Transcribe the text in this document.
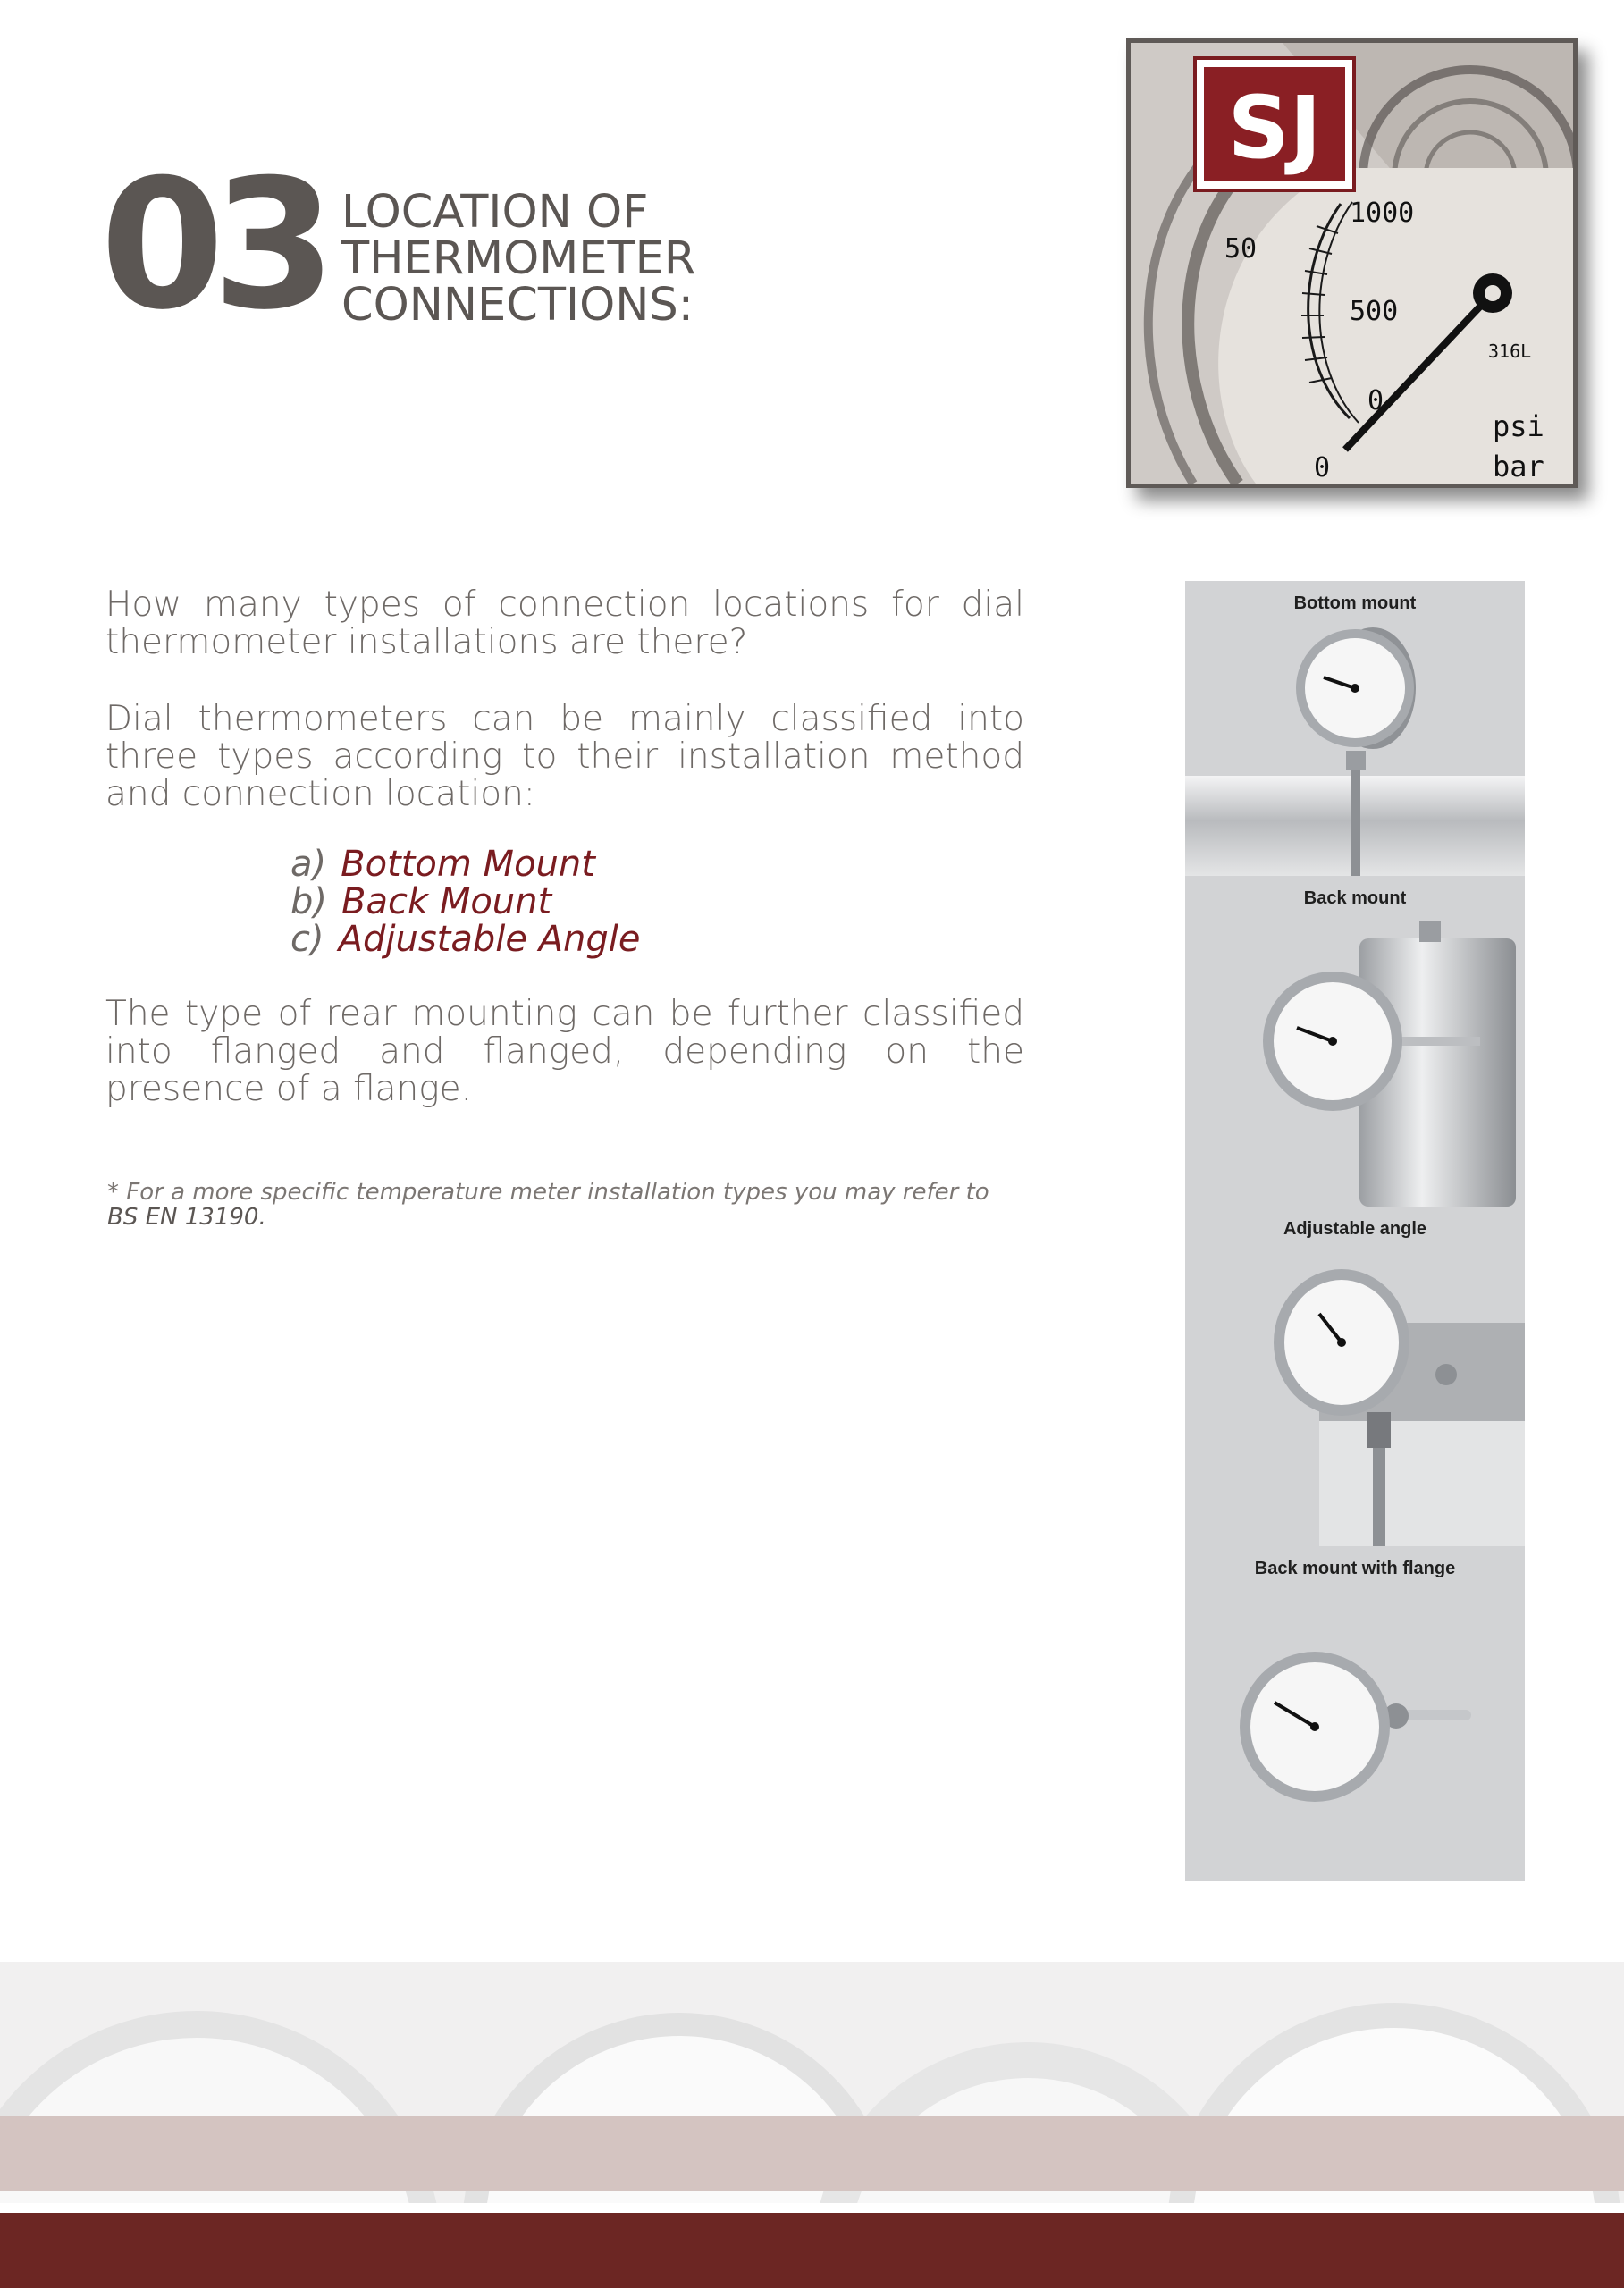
03 LOCATION OF
THERMOMETER
CONNECTIONS:
1000
500
50
0
0
316L
psi
bar
SJ
How many types of connection locations for dial thermometer installations are there?
Dial thermometers can be mainly classified into three types according to their installation method and connection location:
a) Bottom Mount
b) Back Mount
c) Adjustable Angle
The type of rear mounting can be further classified into flanged and flanged, depending on the presence of a flange.
* For a more specific temperature meter installation types you may refer to BS EN 13190.
Bottom mount
Back mount
Adjustable angle
Back mount with flange
